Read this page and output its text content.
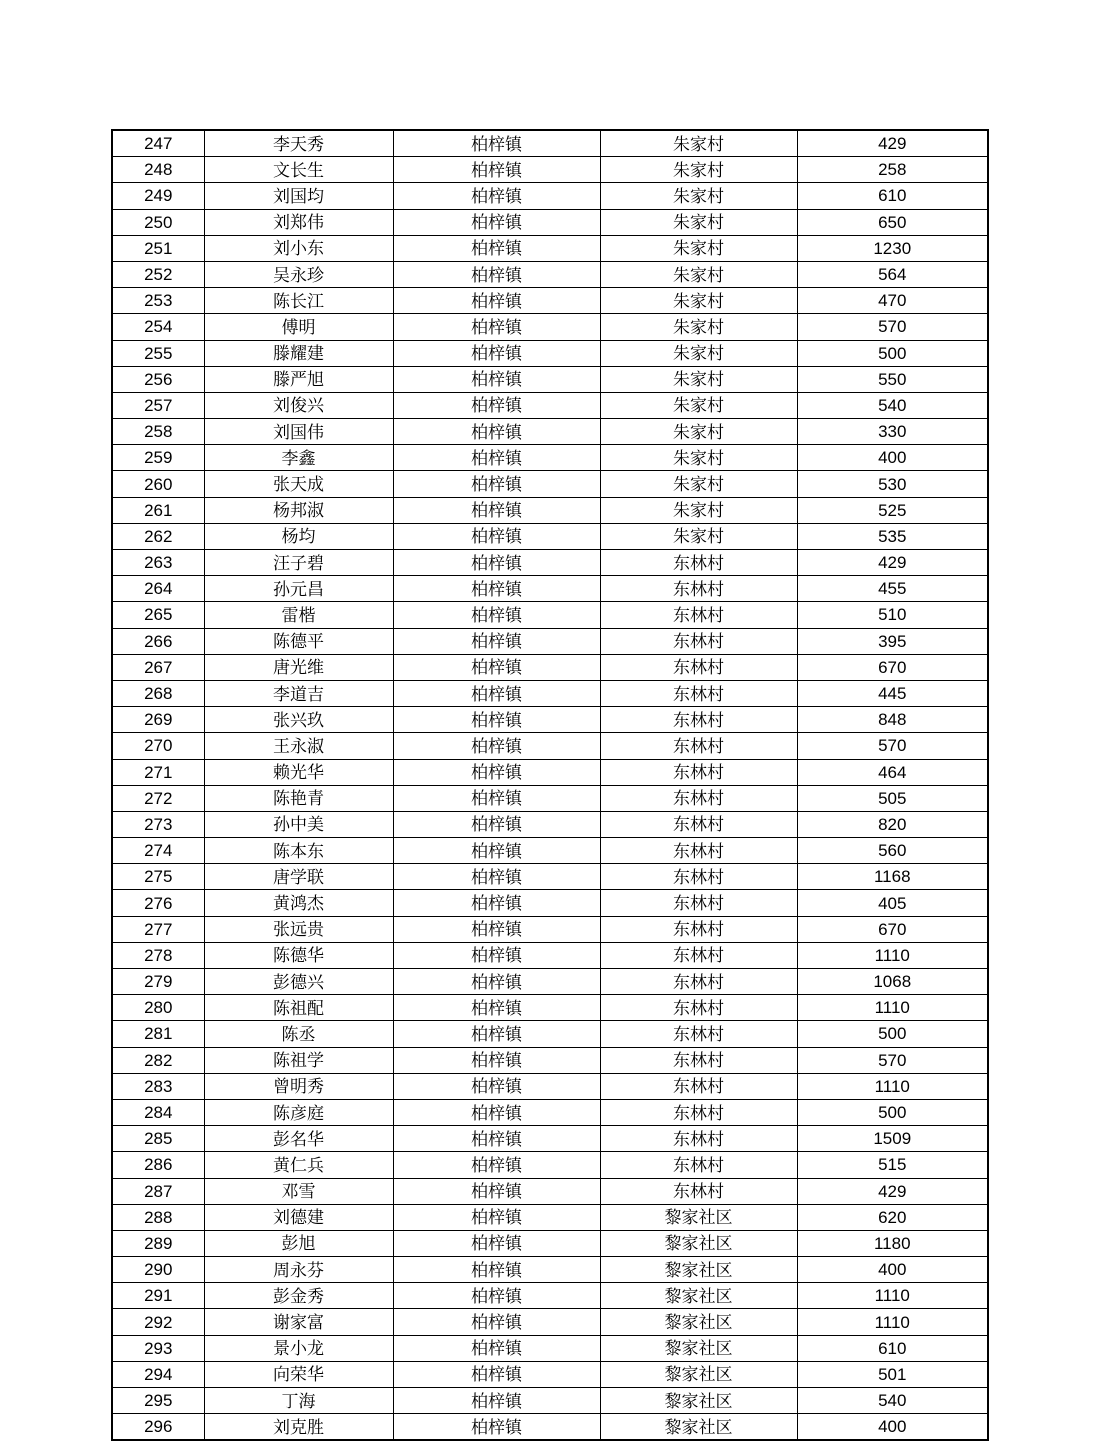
247	李天秀	柏梓镇	朱家村	429
248	文长生	柏梓镇	朱家村	258
249	刘国均	柏梓镇	朱家村	610
250	刘郑伟	柏梓镇	朱家村	650
251	刘小东	柏梓镇	朱家村	1230
252	吴永珍	柏梓镇	朱家村	564
253	陈长江	柏梓镇	朱家村	470
254	傅明	柏梓镇	朱家村	570
255	滕耀建	柏梓镇	朱家村	500
256	滕严旭	柏梓镇	朱家村	550
257	刘俊兴	柏梓镇	朱家村	540
258	刘国伟	柏梓镇	朱家村	330
259	李鑫	柏梓镇	朱家村	400
260	张天成	柏梓镇	朱家村	530
261	杨邦淑	柏梓镇	朱家村	525
262	杨均	柏梓镇	朱家村	535
263	汪子碧	柏梓镇	东林村	429
264	孙元昌	柏梓镇	东林村	455
265	雷楷	柏梓镇	东林村	510
266	陈德平	柏梓镇	东林村	395
267	唐光维	柏梓镇	东林村	670
268	李道吉	柏梓镇	东林村	445
269	张兴玖	柏梓镇	东林村	848
270	王永淑	柏梓镇	东林村	570
271	赖光华	柏梓镇	东林村	464
272	陈艳青	柏梓镇	东林村	505
273	孙中美	柏梓镇	东林村	820
274	陈本东	柏梓镇	东林村	560
275	唐学联	柏梓镇	东林村	1168
276	黄鸿杰	柏梓镇	东林村	405
277	张远贵	柏梓镇	东林村	670
278	陈德华	柏梓镇	东林村	1110
279	彭德兴	柏梓镇	东林村	1068
280	陈祖配	柏梓镇	东林村	1110
281	陈丞	柏梓镇	东林村	500
282	陈祖学	柏梓镇	东林村	570
283	曾明秀	柏梓镇	东林村	1110
284	陈彦庭	柏梓镇	东林村	500
285	彭名华	柏梓镇	东林村	1509
286	黄仁兵	柏梓镇	东林村	515
287	邓雪	柏梓镇	东林村	429
288	刘德建	柏梓镇	黎家社区	620
289	彭旭	柏梓镇	黎家社区	1180
290	周永芬	柏梓镇	黎家社区	400
291	彭金秀	柏梓镇	黎家社区	1110
292	谢家富	柏梓镇	黎家社区	1110
293	景小龙	柏梓镇	黎家社区	610
294	向荣华	柏梓镇	黎家社区	501
295	丁海	柏梓镇	黎家社区	540
296	刘克胜	柏梓镇	黎家社区	400
